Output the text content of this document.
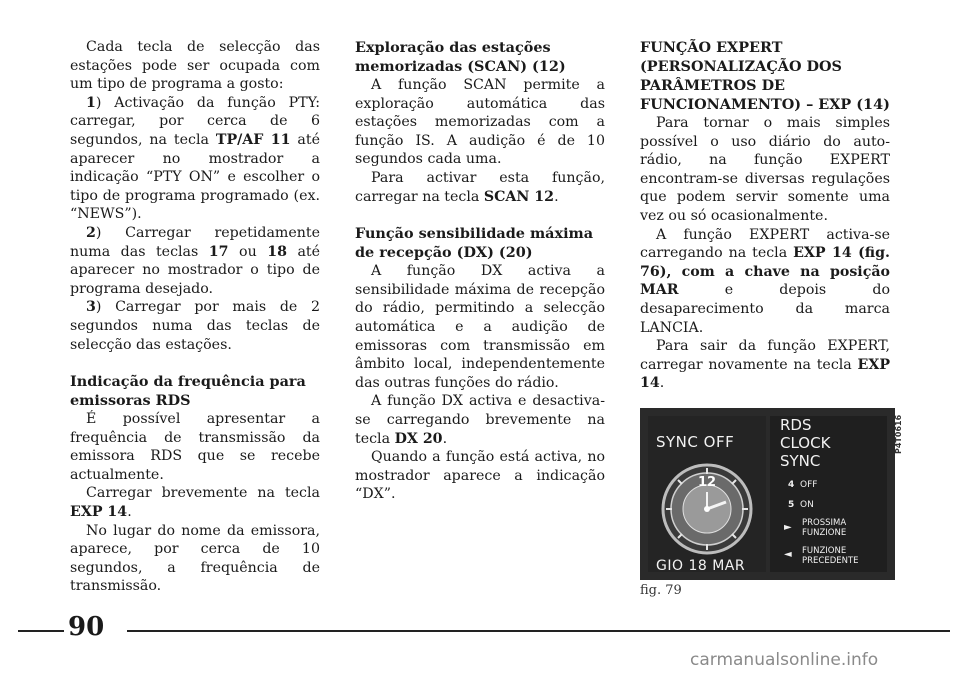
Cada tecla de selecção das estações pode ser ocupada com um tipo de programa a gosto:

1) Activação da função PTY: carregar, por cerca de 6 segundos, na tecla TP/AF 11 até aparecer no mostrador a indicação “PTY ON” e escolher o tipo de programa programado (ex. “NEWS”).

2) Carregar repetidamente numa das teclas 17 ou 18 até aparecer no mostrador o tipo de programa desejado.

3) Carregar por mais de 2 segundos numa das teclas de selecção das estações.

Indicação da frequência para emissoras RDS

É possível apresentar a frequência de transmissão da emissora RDS que se recebe actualmente.

Carregar brevemente na tecla EXP 14.

No lugar do nome da emissora, aparece, por cerca de 10 segundos, a frequência de transmissão.

Exploração das estações memorizadas (SCAN) (12)

A função SCAN permite a exploração automática das estações memorizadas com a função IS. A audição é de 10 segundos cada uma.

Para activar esta função, carregar na tecla SCAN 12.

Função sensibilidade máxima de recepção (DX) (20)

A função DX activa a sensibilidade máxima de recepção do rádio, permitindo a selecção automática e a audição de emissoras com transmissão em âmbito local, independentemente das outras funções do rádio.

A função DX activa e desactiva-se carregando brevemente na tecla DX 20.

Quando a função está activa, no mostrador aparece a indicação “DX”.

FUNÇÃO EXPERT (PERSONALIZAÇÃO DOS PARÂMETROS DE FUNCIONAMENTO) – EXP (14)

Para tornar o mais simples possível o uso diário do auto-rádio, na função EXPERT encontram-se diversas regulações que podem servir somente uma vez ou só ocasionalmente.

A função EXPERT activa-se carregando na tecla EXP 14 (fig. 76), com a chave na posição MAR e depois do desaparecimento da marca LANCIA.

Para sair da função EXPERT, carregar novamente na tecla EXP 14.

SYNC OFF
12
GIO 18 MAR
RDS
CLOCK
SYNC
4 OFF
5 ON
► PROSSIMA
FUNZIONE
◄ FUNZIONE
PRECEDENTE
P4T0616
fig. 79
90
carmanualsonline.info
